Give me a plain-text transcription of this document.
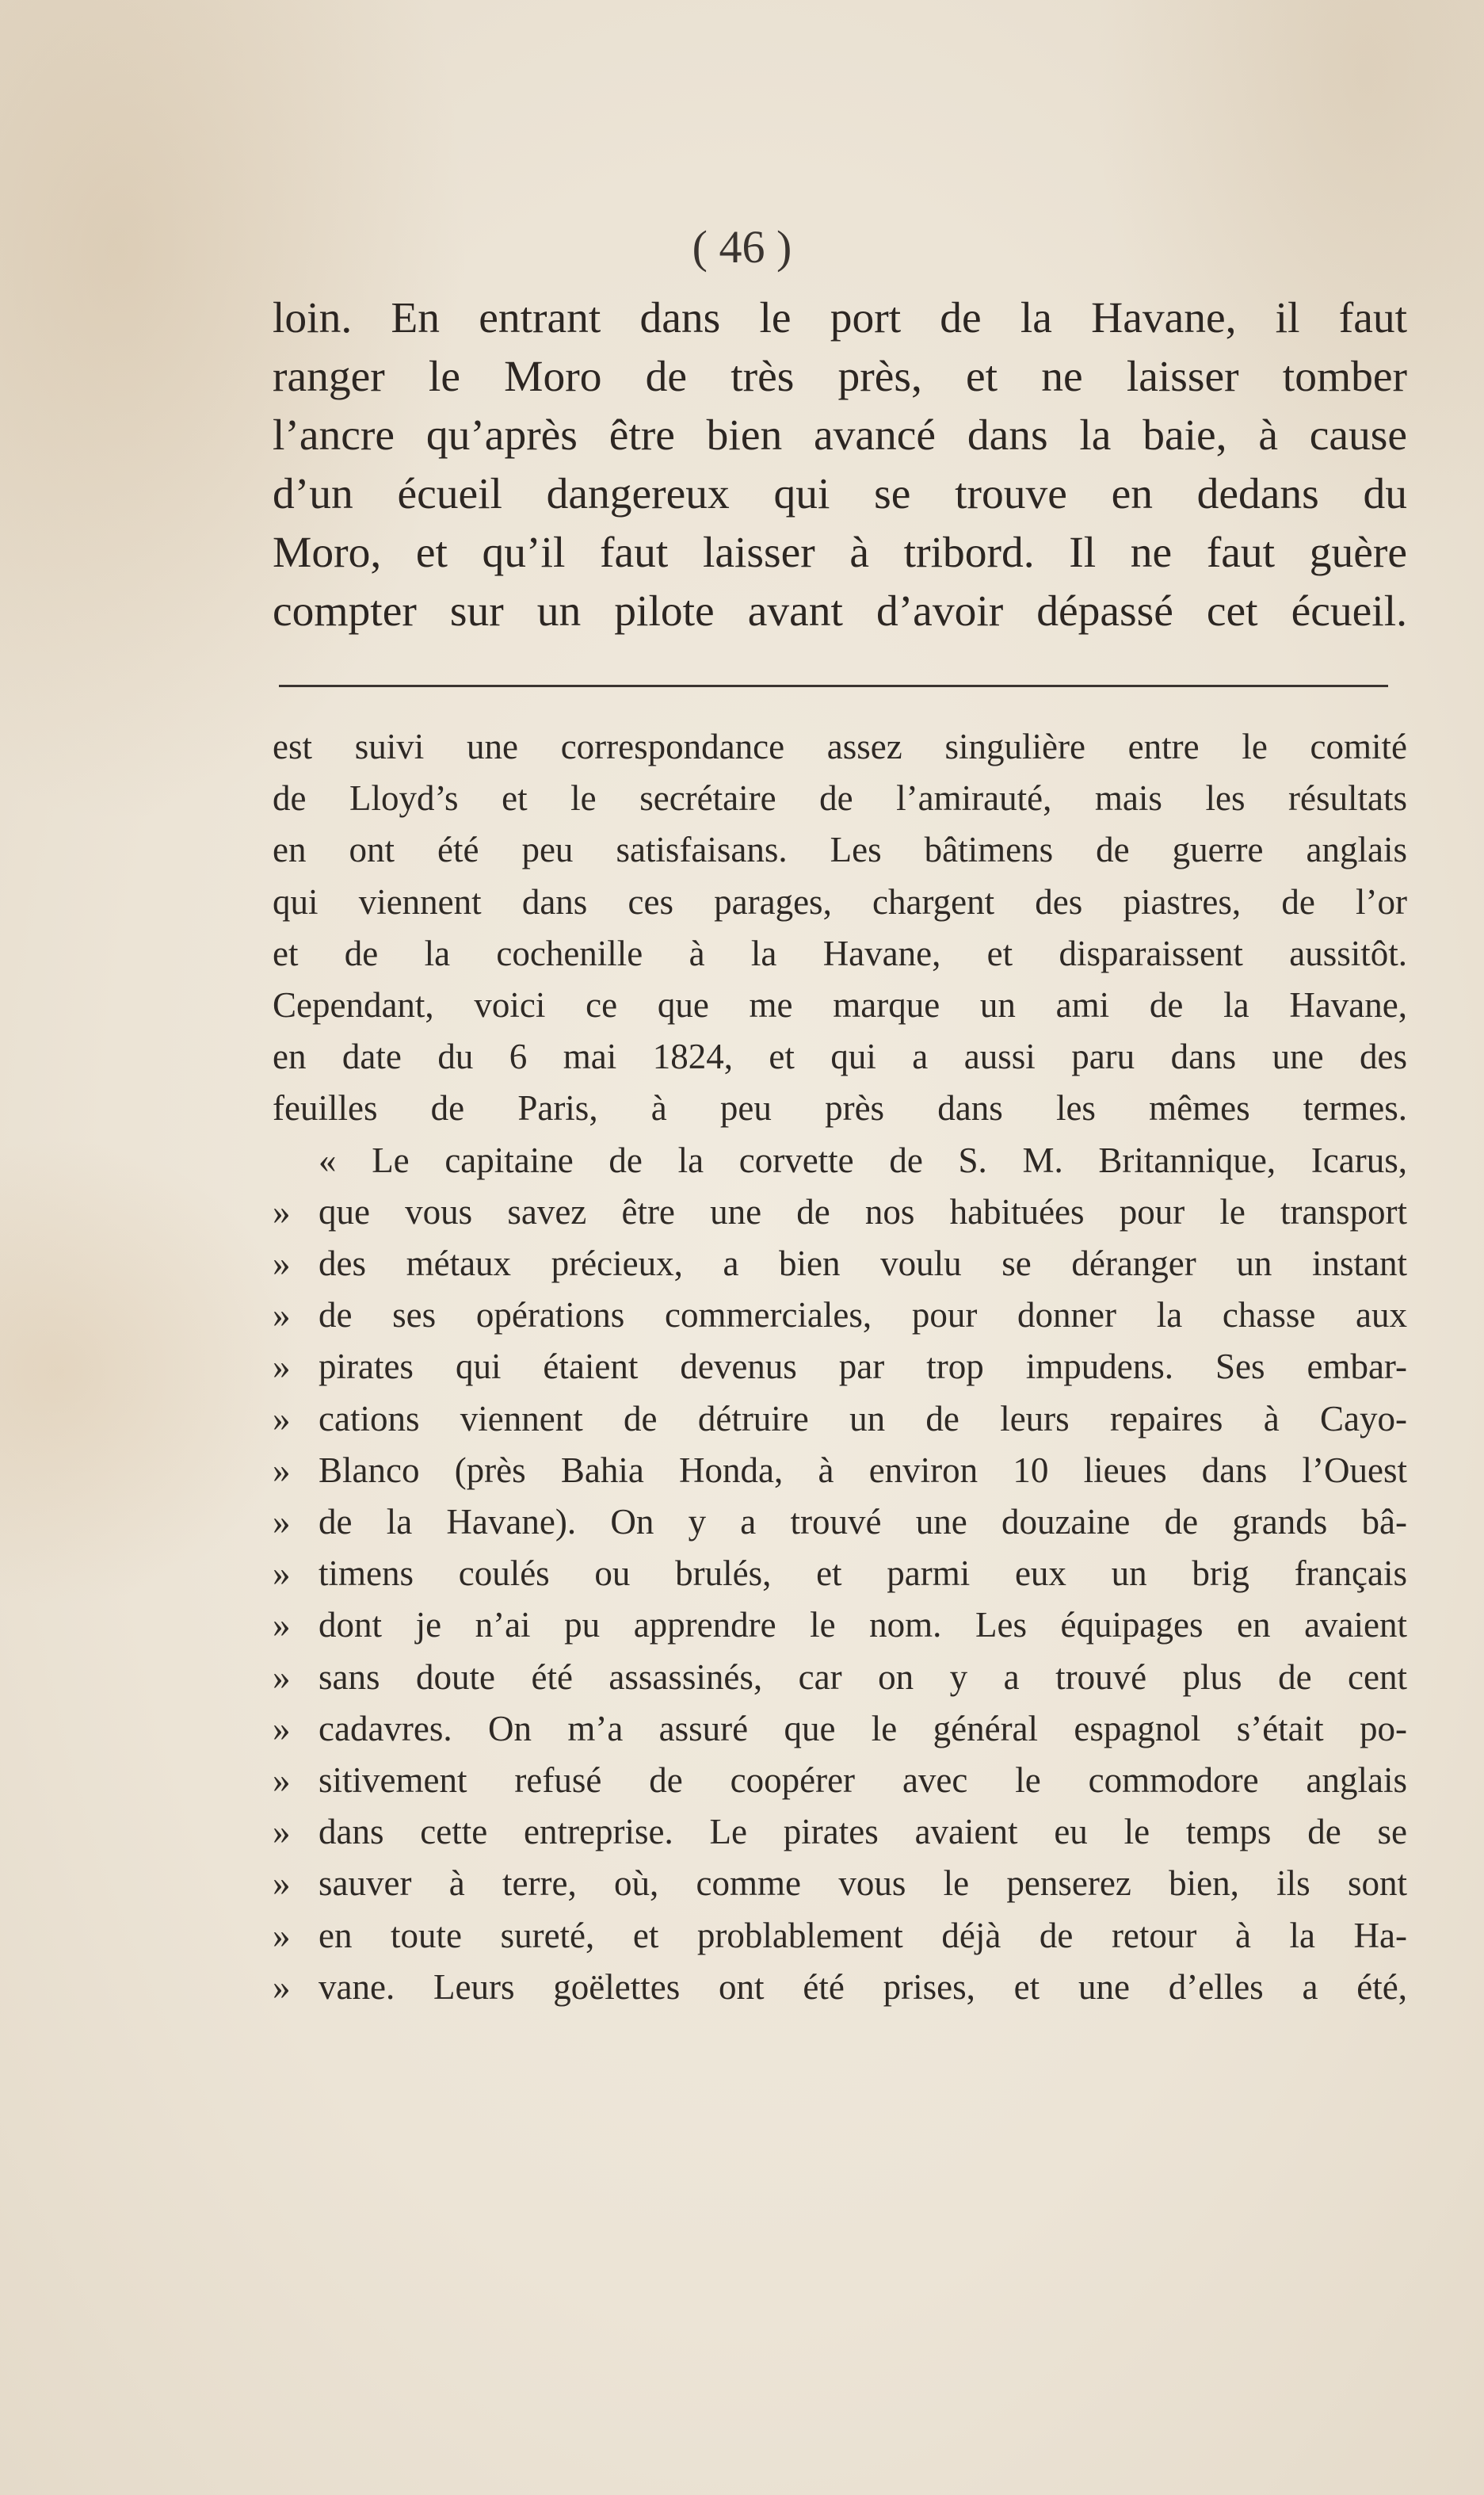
( 46 )
loin. En entrant dans le port de la Havane, il faut
ranger le Moro de très près, et ne laisser tomber
l’ancre qu’après être bien avancé dans la baie, à cause
d’un écueil dangereux qui se trouve en dedans du
Moro, et qu’il faut laisser à tribord. Il ne faut guère
compter sur un pilote avant d’avoir dépassé cet écueil.
est suivi une correspondance assez singulière entre le comité
de Lloyd’s et le secrétaire de l’amirauté, mais les résultats
en ont été peu satisfaisans. Les bâtimens de guerre anglais
qui viennent dans ces parages, chargent des piastres, de l’or
et de la cochenille à la Havane, et disparaissent aussitôt.
Cependant, voici ce que me marque un ami de la Havane,
en date du 6 mai 1824, et qui a aussi paru dans une des
feuilles de Paris, à peu près dans les mêmes termes.
« Le capitaine de la corvette de S. M. Britannique, Icarus,
» que vous savez être une de nos habituées pour le transport
» des métaux précieux, a bien voulu se déranger un instant
» de ses opérations commerciales, pour donner la chasse aux
» pirates qui étaient devenus par trop impudens. Ses embar-
» cations viennent de détruire un de leurs repaires à Cayo-
» Blanco (près Bahia Honda, à environ 10 lieues dans l’Ouest
» de la Havane). On y a trouvé une douzaine de grands bâ-
» timens coulés ou brulés, et parmi eux un brig français
» dont je n’ai pu apprendre le nom. Les équipages en avaient
» sans doute été assassinés, car on y a trouvé plus de cent
» cadavres. On m’a assuré que le général espagnol s’était po-
» sitivement refusé de coopérer avec le commodore anglais
» dans cette entreprise. Le pirates avaient eu le temps de se
» sauver à terre, où, comme vous le penserez bien, ils sont
» en toute sureté, et problablement déjà de retour à la Ha-
» vane. Leurs goëlettes ont été prises, et une d’elles a été,
